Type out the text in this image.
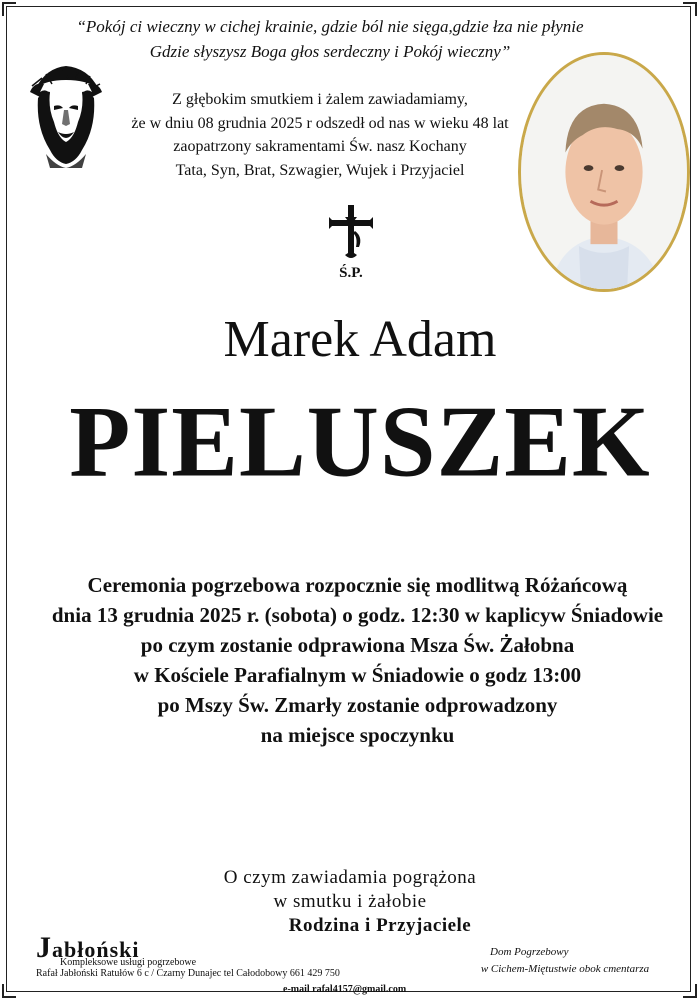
“Pokój ci wieczny w cichej krainie, gdzie ból nie sięga,gdzie łza nie płynie
Gdzie słyszysz Boga głos serdeczny i Pokój wieczny”
Z głębokim smutkiem i żalem zawiadamiamy,
że w dniu 08 grudnia 2025 r odszedł od nas w wieku 48 lat
zaopatrzony sakramentami Św. nasz Kochany
Tata, Syn, Brat, Szwagier, Wujek i Przyjaciel
Ś.P.
Marek Adam
PIELUSZEK
Ceremonia pogrzebowa rozpocznie się modlitwą Różańcową
dnia 13 grudnia 2025 r. (sobota) o godz. 12:30 w kaplicyw Śniadowie
po czym zostanie odprawiona Msza Św. Żałobna
w Kościele Parafialnym w Śniadowie o godz 13:00
po Mszy Św. Zmarły zostanie odprowadzony
na miejsce spoczynku
O czym zawiadamia pogrążona
w smutku i żałobie
Rodzina i Przyjaciele
Jabłoński
Kompleksowe usługi pogrzebowe
Rafał Jabłoński Ratułów 6 c / Czarny Dunajec tel Całodobowy 661 429 750
e-mail rafal4157@gmail.com
Dom Pogrzebowy
w Cichem-Miętustwie obok cmentarza
